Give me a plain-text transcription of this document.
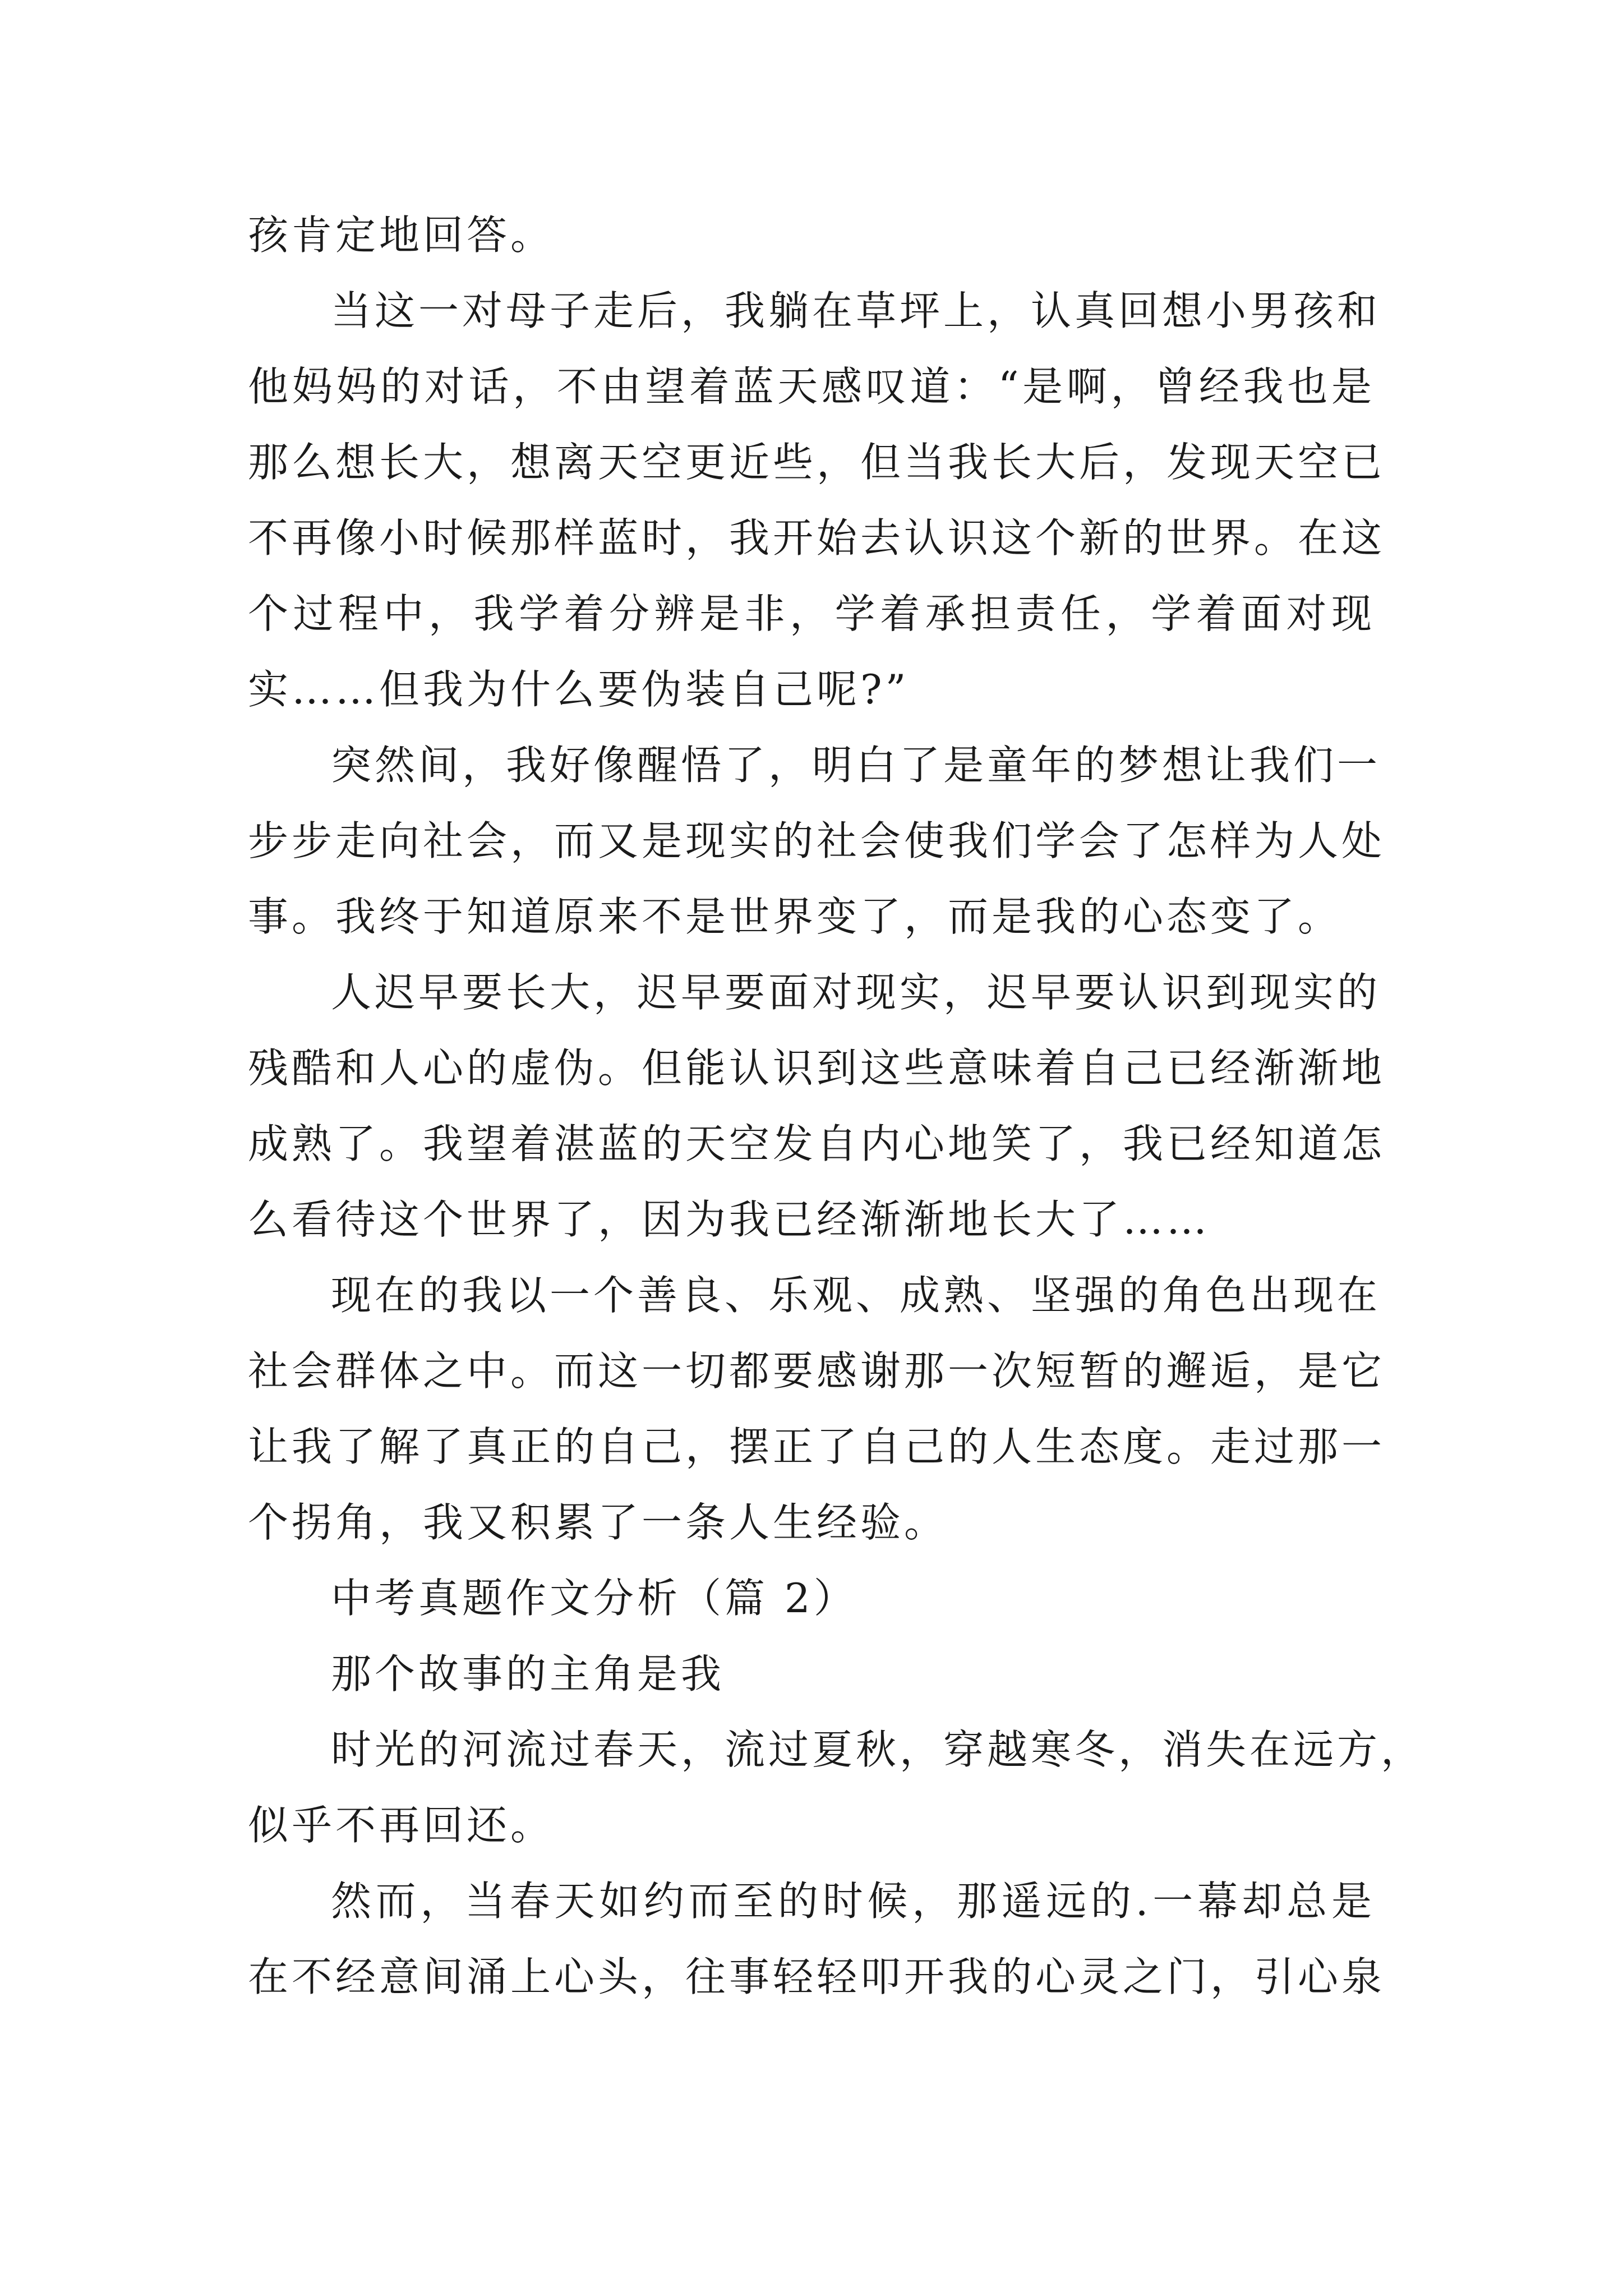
孩肯定地回答。
当这一对母子走后，我躺在草坪上，认真回想小男孩和
他妈妈的对话，不由望着蓝天感叹道：“是啊，曾经我也是
那么想长大，想离天空更近些，但当我长大后，发现天空已
不再像小时候那样蓝时，我开始去认识这个新的世界。在这
个过程中，我学着分辨是非，学着承担责任，学着面对现
实……但我为什么要伪装自己呢?”
突然间，我好像醒悟了，明白了是童年的梦想让我们一
步步走向社会，而又是现实的社会使我们学会了怎样为人处
事。我终于知道原来不是世界变了，而是我的心态变了。
人迟早要长大，迟早要面对现实，迟早要认识到现实的
残酷和人心的虚伪。但能认识到这些意味着自己已经渐渐地
成熟了。我望着湛蓝的天空发自内心地笑了，我已经知道怎
么看待这个世界了，因为我已经渐渐地长大了……
现在的我以一个善良、乐观、成熟、坚强的角色出现在
社会群体之中。而这一切都要感谢那一次短暂的邂逅，是它
让我了解了真正的自己，摆正了自己的人生态度。走过那一
个拐角，我又积累了一条人生经验。
中考真题作文分析（篇 2）
那个故事的主角是我
时光的河流过春天，流过夏秋，穿越寒冬，消失在远方，
似乎不再回还。
然而，当春天如约而至的时候，那遥远的.一幕却总是
在不经意间涌上心头，往事轻轻叩开我的心灵之门，引心泉
